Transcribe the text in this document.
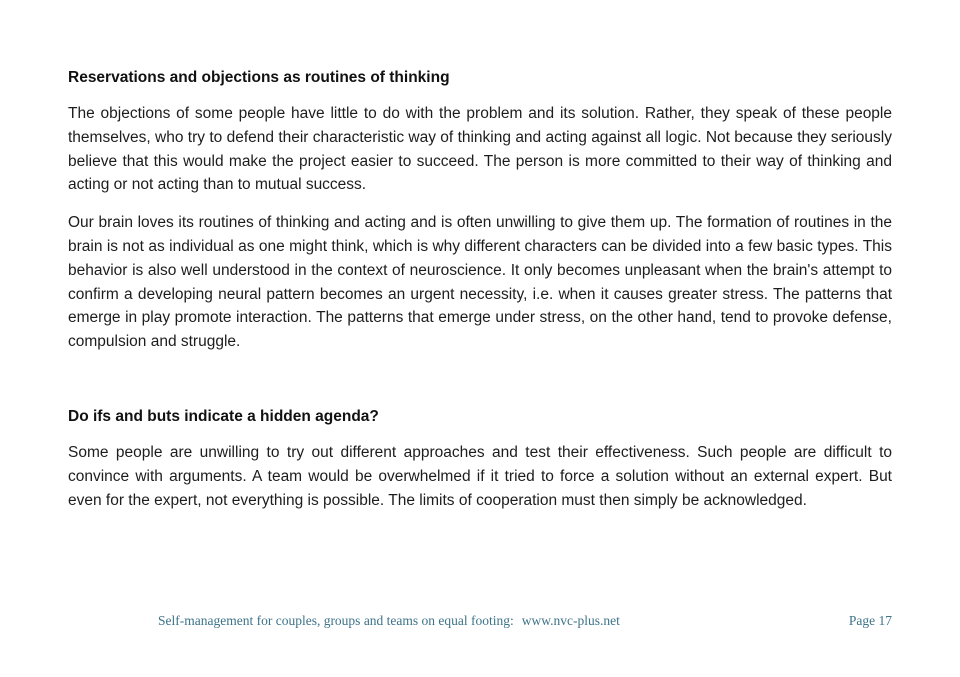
Reservations and objections as routines of thinking

The objections of some people have little to do with the problem and its solution. Rather, they speak of these people themselves, who try to defend their characteristic way of thinking and acting against all logic. Not because they seriously believe that this would make the project easier to succeed. The person is more committed to their way of thinking and acting or not acting than to mutual success.

Our brain loves its routines of thinking and acting and is often unwilling to give them up. The formation of routines in the brain is not as individual as one might think, which is why different characters can be divided into a few basic types. This behavior is also well understood in the context of neuroscience. It only becomes unpleasant when the brain's attempt to confirm a developing neural pattern becomes an urgent necessity, i.e. when it causes greater stress. The patterns that emerge in play promote interaction. The patterns that emerge under stress, on the other hand, tend to provoke defense, compulsion and struggle.

Do ifs and buts indicate a hidden agenda?

Some people are unwilling to try out different approaches and test their effectiveness. Such people are difficult to convince with arguments. A team would be overwhelmed if it tried to force a solution without an external expert. But even for the expert, not everything is possible. The limits of cooperation must then simply be acknowledged.

Self-management for couples, groups and teams on equal footing: www.nvc-plus.net	Page 17
